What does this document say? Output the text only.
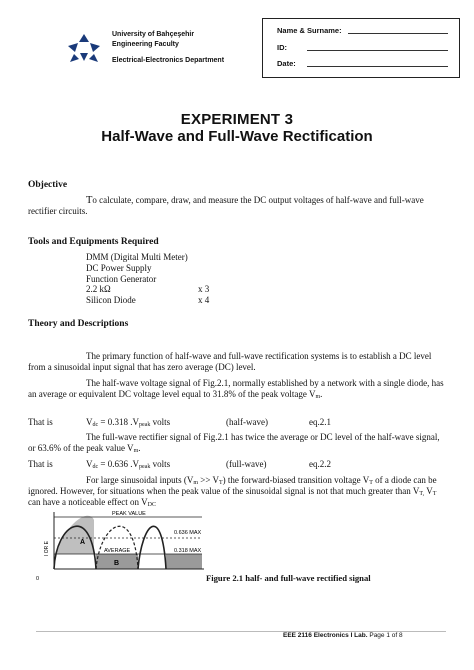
University of Bahçeşehir
Engineering Faculty
Electrical-Electronics Department
Name & Surname:
ID:
Date:
EXPERIMENT 3
Half-Wave and Full-Wave Rectification
Objective
To calculate, compare, draw, and measure the DC output voltages of half-wave and full-wave rectifier circuits.
Tools and Equipments Required
DMM (Digital Multi Meter)
DC Power Supply
Function Generator
2.2 kΩ	x 3
Silicon Diode	x 4
Theory and Descriptions
The primary function of half-wave and full-wave rectification systems is to establish a DC level from a sinusoidal input signal that has zero average (DC) level.
The half-wave voltage signal of Fig.2.1, normally established by a network with a single diode, has an average or equivalent DC voltage level equal to 31.8% of the peak voltage $V_m$.
That is	$V_{dc} = 0.318$ $.V_{peak}$ volts	(half-wave)	eq.2.1
The full-wave rectifier signal of Fig.2.1 has twice the average or DC level of the half-wave signal, or 63.6% of the peak value $V_m$.
That is	$V_{dc} = 0.636$ $.V_{peak}$ volts	(full-wave)	eq.2.2
For large sinusoidal inputs $(V_m >> V_T)$ the forward-biased transition voltage $V_T$ of a diode can be ignored. However, for situations when the peak value of the sinusoidal signal is not that much greater than $V_{T,}$ $V_T$ can have a noticeable effect on $V_{DC}$
PEAK VALUE
0.636 MAX
AVERAGE	0.318 MAX
A
B
I OR E
0	Figure 2.1 half- and full-wave rectified signal
EEE 2116 Electronics I Lab. Page 1 of 8
